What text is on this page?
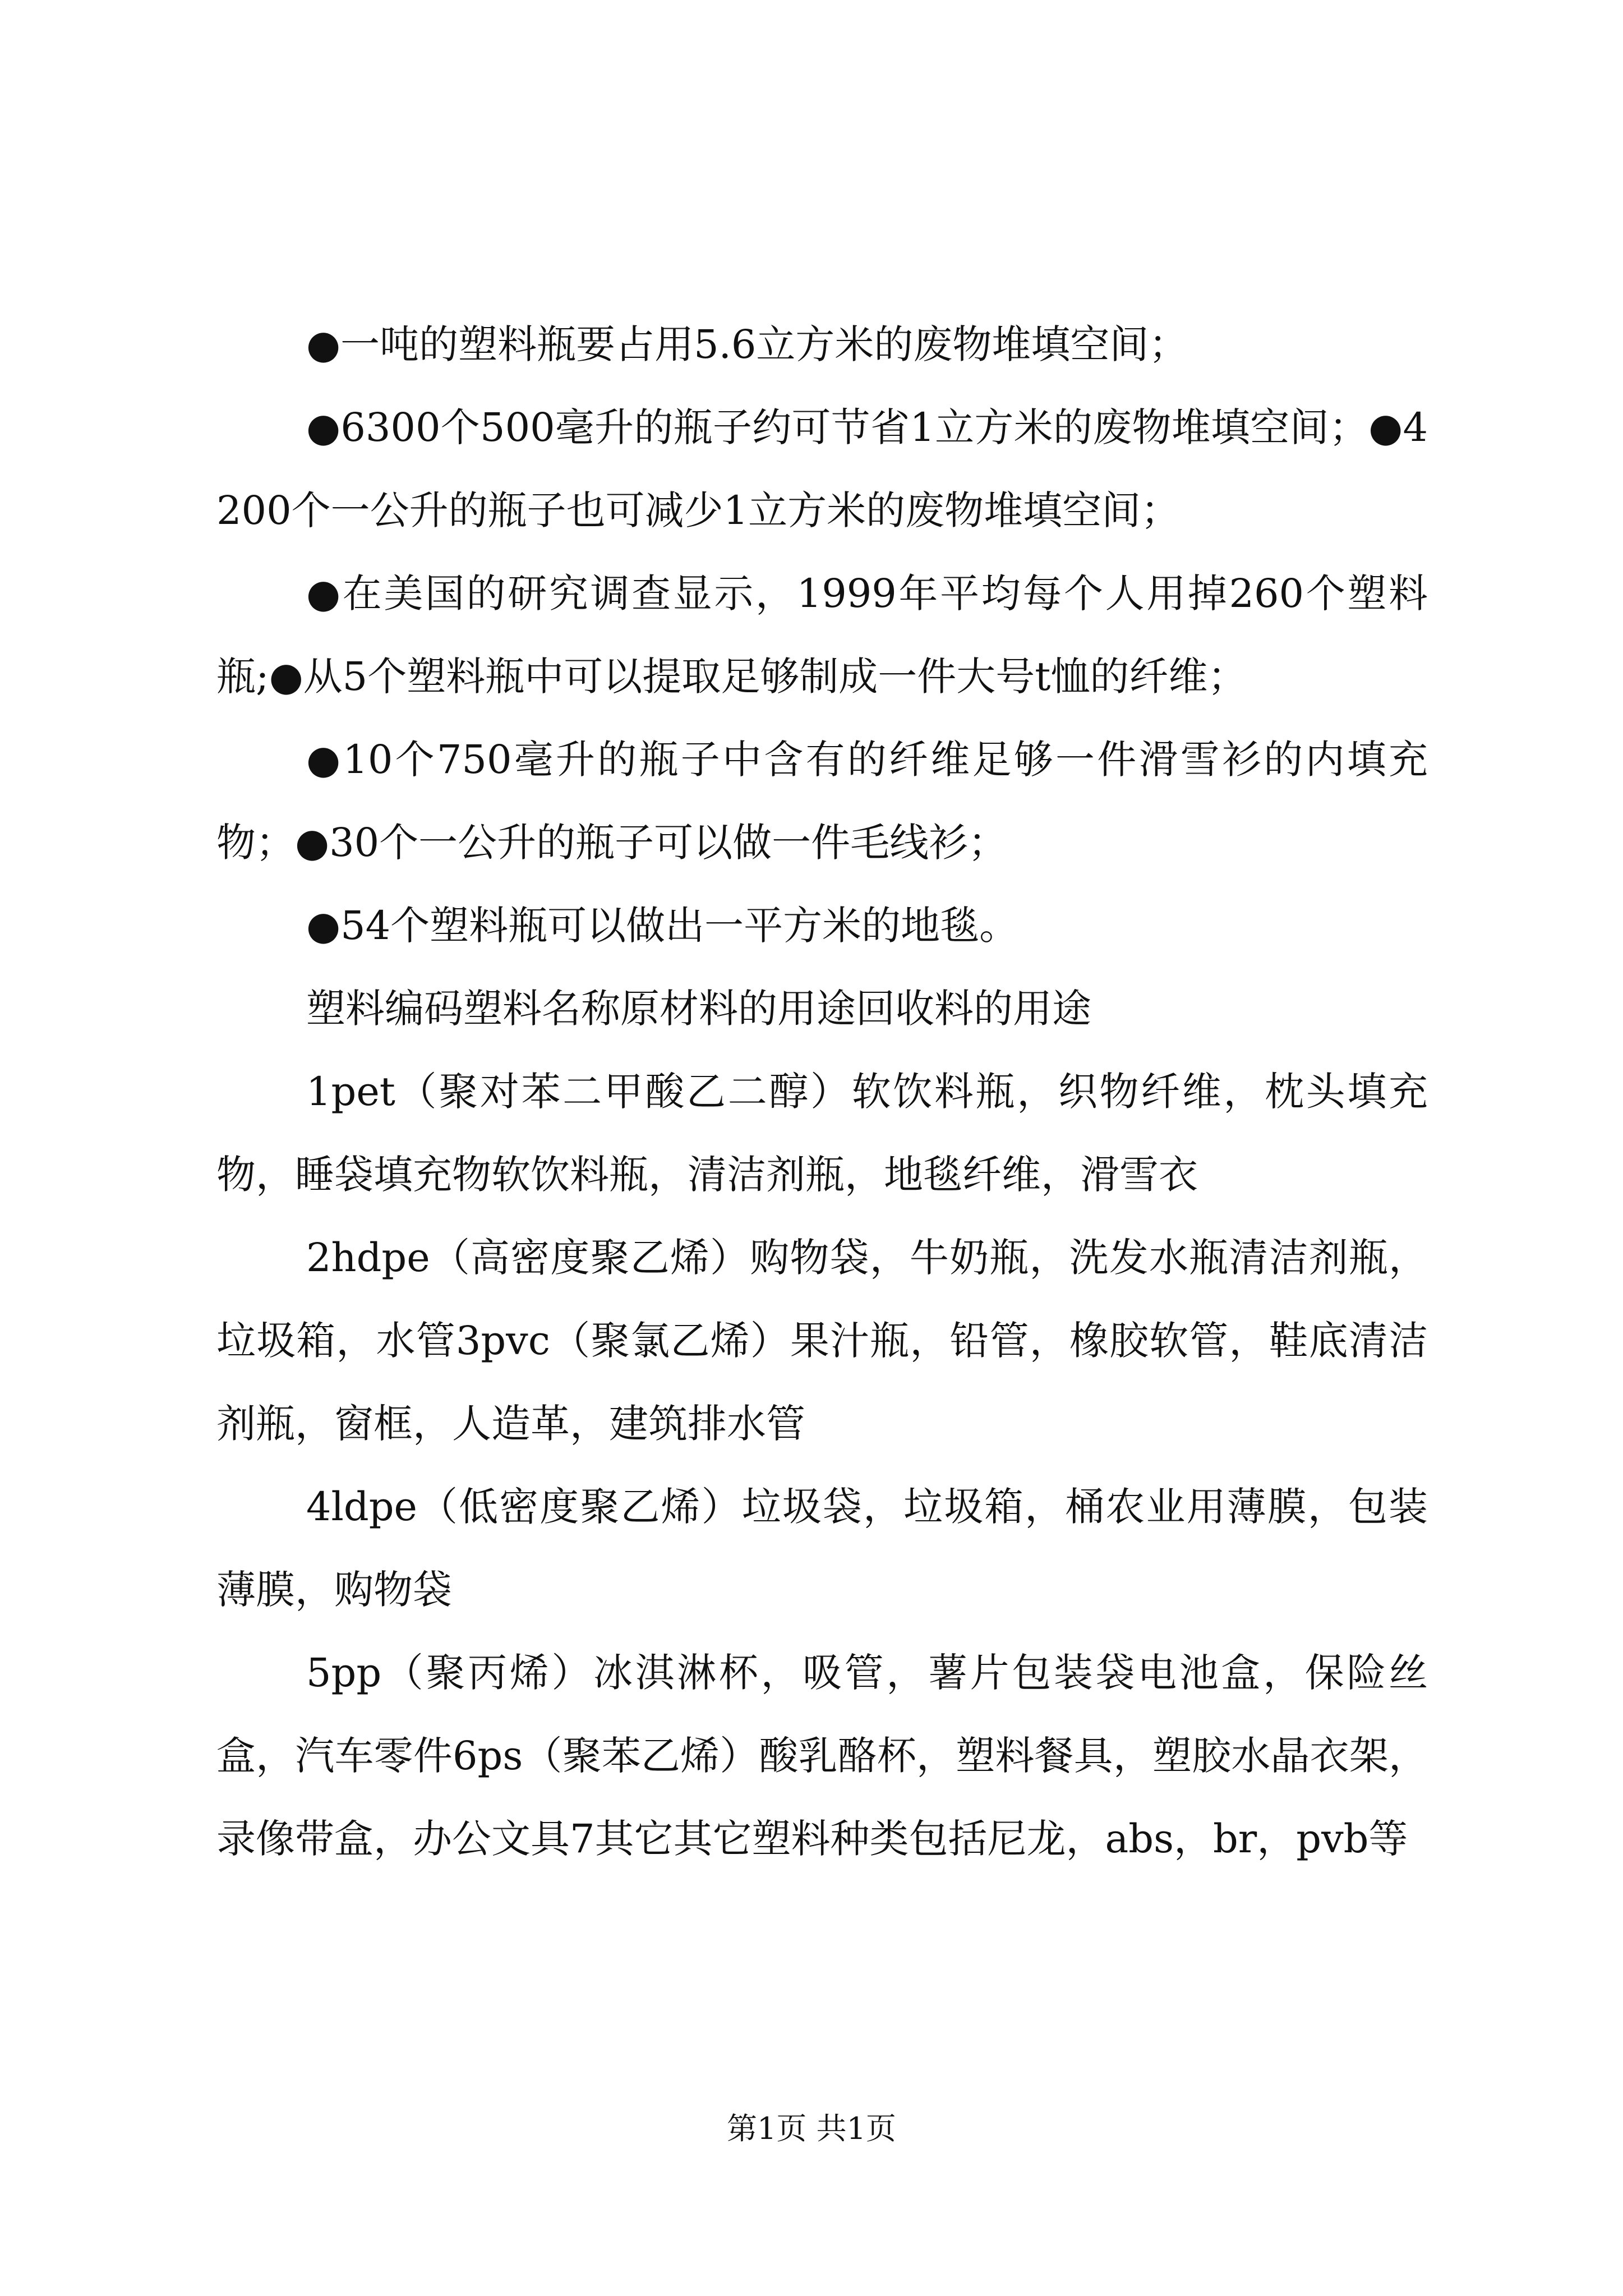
●一吨的塑料瓶要占用5.6立方米的废物堆填空间；

●6300个500毫升的瓶子约可节省1立方米的废物堆填空间；●4200个一公升的瓶子也可减少1立方米的废物堆填空间；

●在美国的研究调查显示，1999年平均每个人用掉260个塑料瓶;●从5个塑料瓶中可以提取足够制成一件大号t恤的纤维；

●10个750毫升的瓶子中含有的纤维足够一件滑雪衫的内填充物；●30个一公升的瓶子可以做一件毛线衫；

●54个塑料瓶可以做出一平方米的地毯。

塑料编码塑料名称原材料的用途回收料的用途

1pet（聚对苯二甲酸乙二醇）软饮料瓶，织物纤维，枕头填充物，睡袋填充物软饮料瓶，清洁剂瓶，地毯纤维，滑雪衣

2hdpe（高密度聚乙烯）购物袋，牛奶瓶，洗发水瓶清洁剂瓶，垃圾箱，水管3pvc（聚氯乙烯）果汁瓶，铅管，橡胶软管，鞋底清洁剂瓶，窗框，人造革，建筑排水管

4ldpe（低密度聚乙烯）垃圾袋，垃圾箱，桶农业用薄膜，包装薄膜，购物袋

5pp（聚丙烯）冰淇淋杯，吸管，薯片包装袋电池盒，保险丝盒，汽车零件6ps（聚苯乙烯）酸乳酪杯，塑料餐具，塑胶水晶衣架，录像带盒，办公文具7其它其它塑料种类包括尼龙，abs，br，pvb等

第1页 共1页
